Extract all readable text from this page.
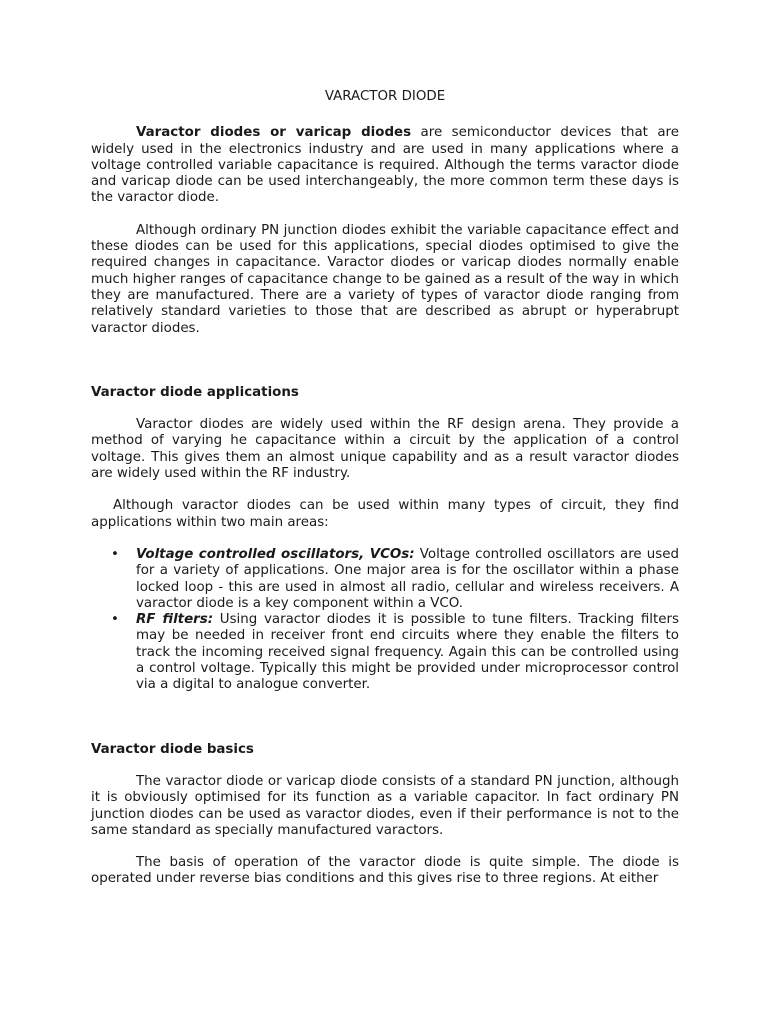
VARACTOR DIODE

Varactor diodes or varicap diodes are semiconductor devices that are widely used in the electronics industry and are used in many applications where a voltage controlled variable capacitance is required. Although the terms varactor diode and varicap diode can be used interchangeably, the more common term these days is the varactor diode.

Although ordinary PN junction diodes exhibit the variable capacitance effect and these diodes can be used for this applications, special diodes optimised to give the required changes in capacitance. Varactor diodes or varicap diodes normally enable much higher ranges of capacitance change to be gained as a result of the way in which they are manufactured. There are a variety of types of varactor diode ranging from relatively standard varieties to those that are described as abrupt or hyperabrupt varactor diodes.

Varactor diode applications

Varactor diodes are widely used within the RF design arena. They provide a method of varying he capacitance within a circuit by the application of a control voltage. This gives them an almost unique capability and as a result varactor diodes are widely used within the RF industry.

Although varactor diodes can be used within many types of circuit, they find applications within two main areas:

• Voltage controlled oscillators, VCOs: Voltage controlled oscillators are used for a variety of applications. One major area is for the oscillator within a phase locked loop - this are used in almost all radio, cellular and wireless receivers. A varactor diode is a key component within a VCO.
• RF filters: Using varactor diodes it is possible to tune filters. Tracking filters may be needed in receiver front end circuits where they enable the filters to track the incoming received signal frequency. Again this can be controlled using a control voltage. Typically this might be provided under microprocessor control via a digital to analogue converter.
Varactor diode basics

The varactor diode or varicap diode consists of a standard PN junction, although it is obviously optimised for its function as a variable capacitor. In fact ordinary PN junction diodes can be used as varactor diodes, even if their performance is not to the same standard as specially manufactured varactors.

The basis of operation of the varactor diode is quite simple. The diode is operated under reverse bias conditions and this gives rise to three regions. At either
